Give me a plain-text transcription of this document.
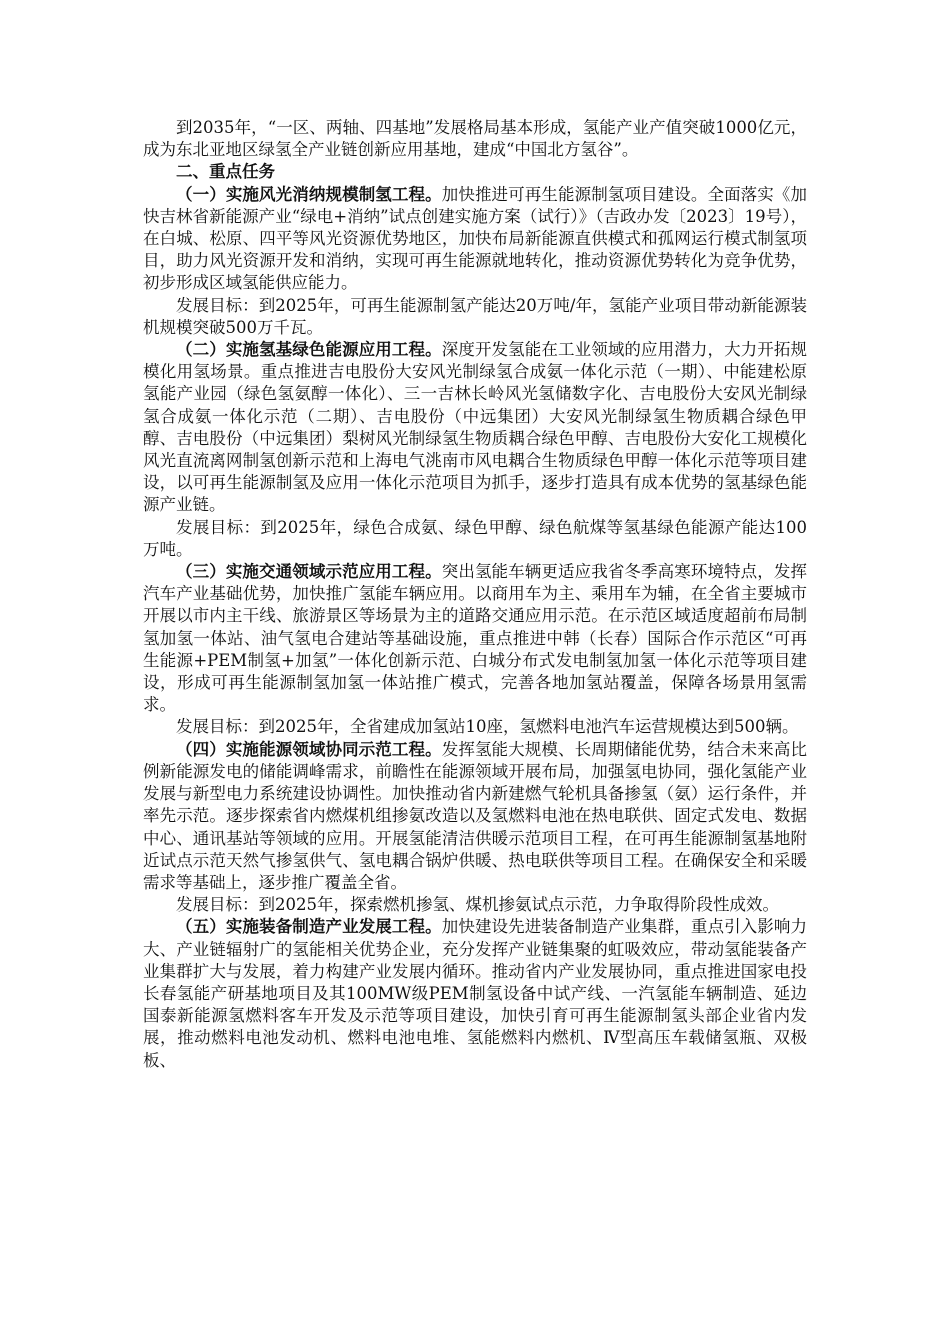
到2035年，“一区、两轴、四基地”发展格局基本形成，氢能产业产值突破1000亿元，成为东北亚地区绿氢全产业链创新应用基地，建成“中国北方氢谷”。

二、重点任务

（一）实施风光消纳规模制氢工程。加快推进可再生能源制氢项目建设。全面落实《加快吉林省新能源产业“绿电+消纳”试点创建实施方案（试行）》（吉政办发〔2023〕19号），在白城、松原、四平等风光资源优势地区，加快布局新能源直供模式和孤网运行模式制氢项目，助力风光资源开发和消纳，实现可再生能源就地转化，推动资源优势转化为竞争优势，初步形成区域氢能供应能力。

发展目标：到2025年，可再生能源制氢产能达20万吨/年，氢能产业项目带动新能源装机规模突破500万千瓦。

（二）实施氢基绿色能源应用工程。深度开发氢能在工业领域的应用潜力，大力开拓规模化用氢场景。重点推进吉电股份大安风光制绿氢合成氨一体化示范（一期）、中能建松原氢能产业园（绿色氢氨醇一体化）、三一吉林长岭风光氢储数字化、吉电股份大安风光制绿氢合成氨一体化示范（二期）、吉电股份（中远集团）大安风光制绿氢生物质耦合绿色甲醇、吉电股份（中远集团）梨树风光制绿氢生物质耦合绿色甲醇、吉电股份大安化工规模化风光直流离网制氢创新示范和上海电气洮南市风电耦合生物质绿色甲醇一体化示范等项目建设，以可再生能源制氢及应用一体化示范项目为抓手，逐步打造具有成本优势的氢基绿色能源产业链。

发展目标：到2025年，绿色合成氨、绿色甲醇、绿色航煤等氢基绿色能源产能达100万吨。

（三）实施交通领域示范应用工程。突出氢能车辆更适应我省冬季高寒环境特点，发挥汽车产业基础优势，加快推广氢能车辆应用。以商用车为主、乘用车为辅，在全省主要城市开展以市内主干线、旅游景区等场景为主的道路交通应用示范。在示范区域适度超前布局制氢加氢一体站、油气氢电合建站等基础设施，重点推进中韩（长春）国际合作示范区“可再生能源+PEM制氢+加氢”一体化创新示范、白城分布式发电制氢加氢一体化示范等项目建设，形成可再生能源制氢加氢一体站推广模式，完善各地加氢站覆盖，保障各场景用氢需求。

发展目标：到2025年，全省建成加氢站10座，氢燃料电池汽车运营规模达到500辆。

（四）实施能源领域协同示范工程。发挥氢能大规模、长周期储能优势，结合未来高比例新能源发电的储能调峰需求，前瞻性在能源领域开展布局，加强氢电协同，强化氢能产业发展与新型电力系统建设协调性。加快推动省内新建燃气轮机具备掺氢（氨）运行条件，并率先示范。逐步探索省内燃煤机组掺氨改造以及氢燃料电池在热电联供、固定式发电、数据中心、通讯基站等领域的应用。开展氢能清洁供暖示范项目工程，在可再生能源制氢基地附近试点示范天然气掺氢供气、氢电耦合锅炉供暖、热电联供等项目工程。在确保安全和采暖需求等基础上，逐步推广覆盖全省。

发展目标：到2025年，探索燃机掺氢、煤机掺氨试点示范，力争取得阶段性成效。

（五）实施装备制造产业发展工程。加快建设先进装备制造产业集群，重点引入影响力大、产业链辐射广的氢能相关优势企业，充分发挥产业链集聚的虹吸效应，带动氢能装备产业集群扩大与发展，着力构建产业发展内循环。推动省内产业发展协同，重点推进国家电投长春氢能产研基地项目及其100MW级PEM制氢设备中试产线、一汽氢能车辆制造、延边国泰新能源氢燃料客车开发及示范等项目建设，加快引育可再生能源制氢头部企业省内发展，推动燃料电池发动机、燃料电池电堆、氢能燃料内燃机、Ⅳ型高压车载储氢瓶、双极板、
